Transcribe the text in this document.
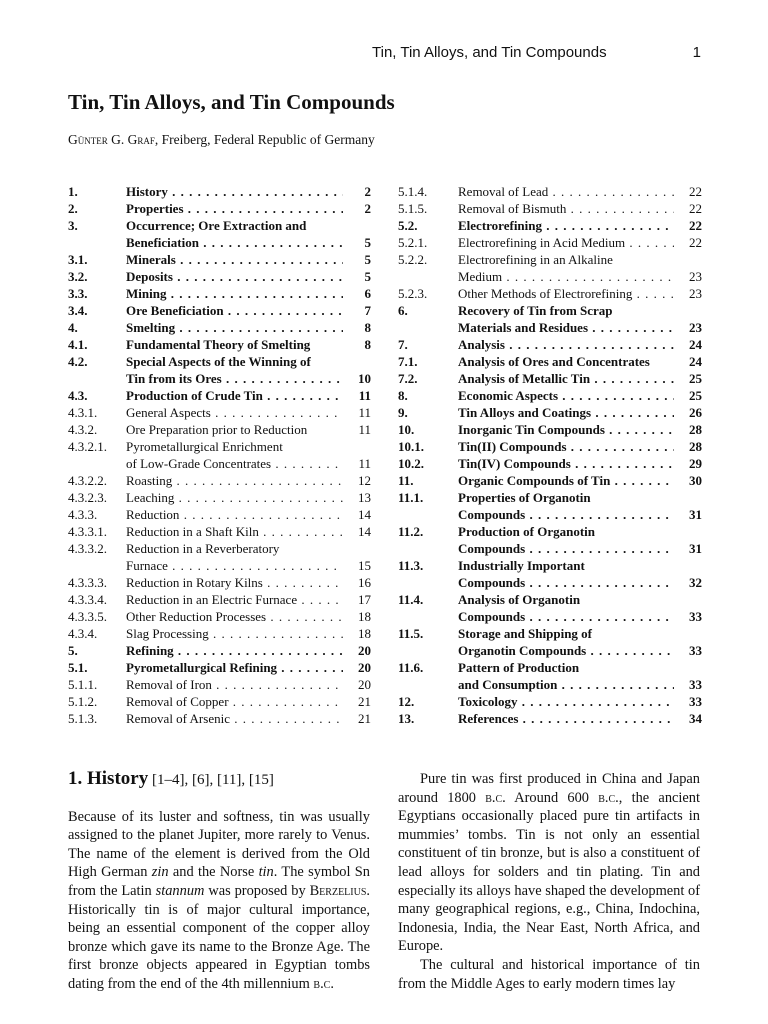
Tin, Tin Alloys, and Tin Compounds	1
Tin, Tin Alloys, and Tin Compounds
Günter G. Graf, Freiberg, Federal Republic of Germany
1.	History . . .	2
2.	Properties . . .	2
3.	Occurrence; Ore Extraction and
Beneficiation . . .	5
3.1.	Minerals . . .	5
3.2.	Deposits . . .	5
3.3.	Mining . . .	6
3.4.	Ore Beneficiation . . .	7
4.	Smelting . . .	8
4.1.	Fundamental Theory of Smelting	8
4.2.	Special Aspects of the Winning of
Tin from its Ores . . .	10
4.3.	Production of Crude Tin . . .	11
4.3.1.	General Aspects . . .	11
4.3.2.	Ore Preparation prior to Reduction	11
4.3.2.1.	Pyrometallurgical Enrichment
of Low-Grade Concentrates . . .	11
4.3.2.2.	Roasting . . .	12
4.3.2.3.	Leaching . . .	13
4.3.3.	Reduction . . .	14
4.3.3.1.	Reduction in a Shaft Kiln . . .	14
4.3.3.2.	Reduction in a Reverberatory
Furnace . . .	15
4.3.3.3.	Reduction in Rotary Kilns . . .	16
4.3.3.4.	Reduction in an Electric Furnace . . .	17
4.3.3.5.	Other Reduction Processes . . .	18
4.3.4.	Slag Processing . . .	18
5.	Refining . . .	20
5.1.	Pyrometallurgical Refining . . .	20
5.1.1.	Removal of Iron . . .	20
5.1.2.	Removal of Copper . . .	21
5.1.3.	Removal of Arsenic . . .	21
5.1.4.	Removal of Lead . . .	22
5.1.5.	Removal of Bismuth . . .	22
5.2.	Electrorefining . . .	22
5.2.1.	Electrorefining in Acid Medium . . .	22
5.2.2.	Electrorefining in an Alkaline
Medium . . .	23
5.2.3.	Other Methods of Electrorefining . . .	23
6.	Recovery of Tin from Scrap
Materials and Residues . . .	23
7.	Analysis . . .	24
7.1.	Analysis of Ores and Concentrates	24
7.2.	Analysis of Metallic Tin . . .	25
8.	Economic Aspects . . .	25
9.	Tin Alloys and Coatings . . .	26
10.	Inorganic Tin Compounds . . .	28
10.1.	Tin(II) Compounds . . .	28
10.2.	Tin(IV) Compounds . . .	29
11.	Organic Compounds of Tin . . .	30
11.1.	Properties of Organotin
Compounds . . .	31
11.2.	Production of Organotin
Compounds . . .	31
11.3.	Industrially Important
Compounds . . .	32
11.4.	Analysis of Organotin
Compounds . . .	33
11.5.	Storage and Shipping of
Organotin Compounds . . .	33
11.6.	Pattern of Production
and Consumption . . .	33
12.	Toxicology . . .	33
13.	References . . .	34
1. History [1–4], [6], [11], [15]

Because of its luster and softness, tin was usually assigned to the planet Jupiter, more rarely to Venus. The name of the element is derived from the Old High German zin and the Norse tin. The symbol Sn from the Latin stannum was proposed by Berzelius. Historically tin is of major cultural importance, being an essential component of the copper alloy bronze which gave its name to the Bronze Age. The first bronze objects appeared in Egyptian tombs dating from the end of the 4th millennium b.c.

Pure tin was first produced in China and Japan around 1800 b.c. Around 600 b.c., the ancient Egyptians occasionally placed pure tin artifacts in mummies’ tombs. Tin is not only an essential constituent of tin bronze, but is also a constituent of lead alloys for solders and tin plating. Tin and especially its alloys have shaped the development of many geographical regions, e.g., China, Indochina, Indonesia, India, the Near East, North Africa, and Europe.

The cultural and historical importance of tin from the Middle Ages to early modern times lay
